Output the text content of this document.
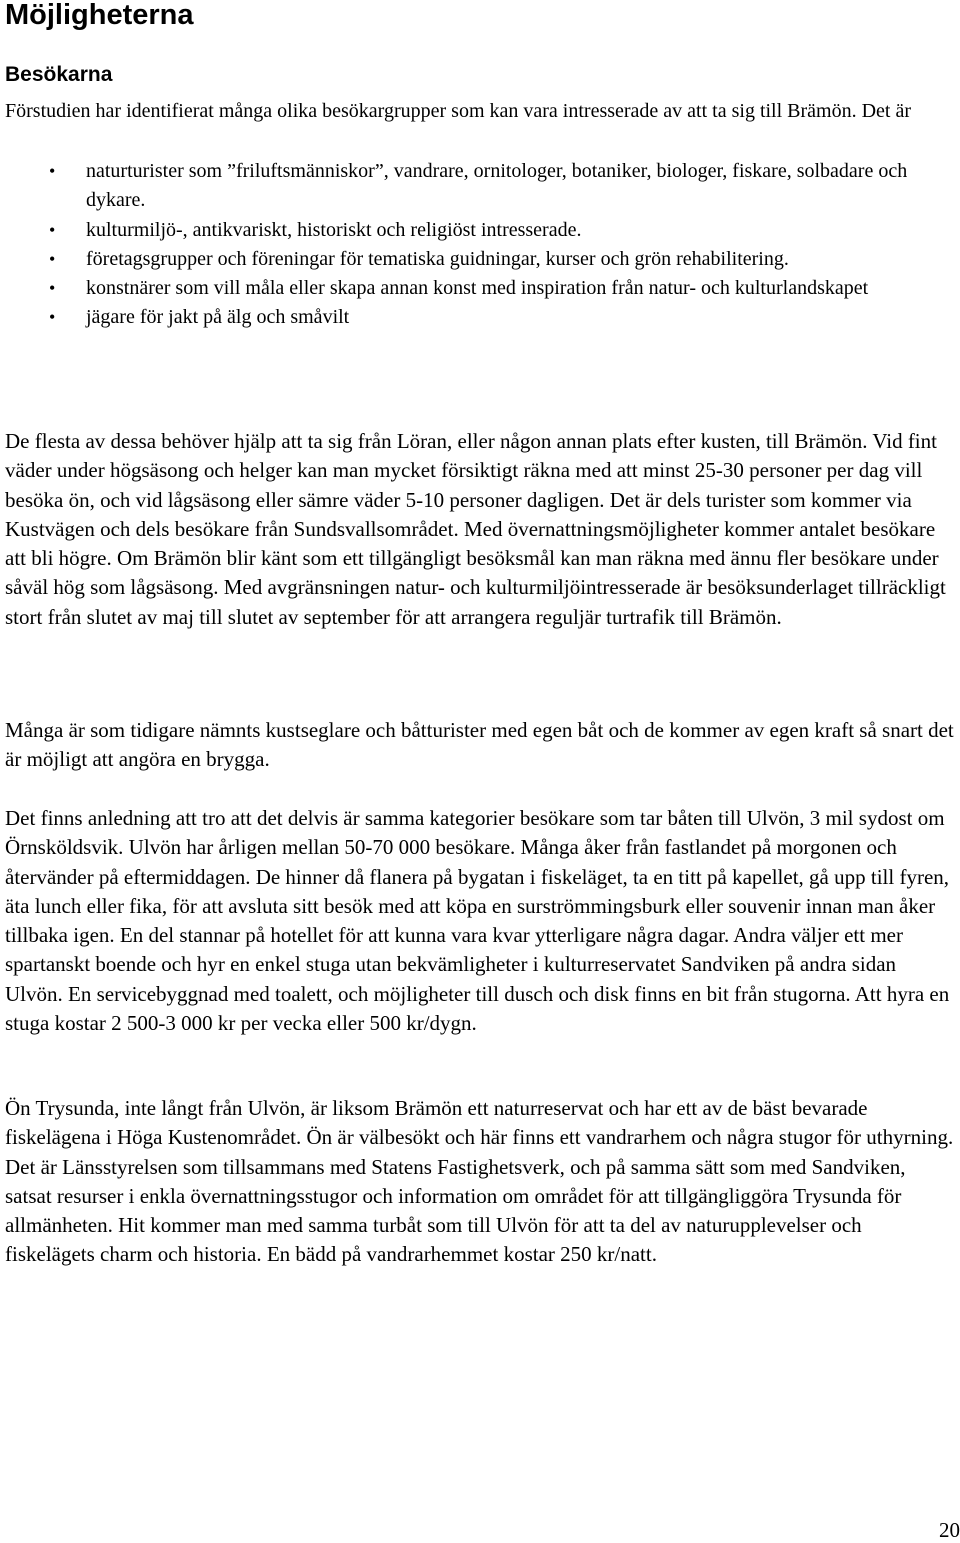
Möjligheterna
Besökarna

Förstudien har identifierat många olika besökargrupper som kan vara intresserade av att ta sig till Brämön. Det är

• naturturister som ”friluftsmänniskor”, vandrare, ornitologer, botaniker, biologer, fiskare, solbadare och dykare.
• kulturmiljö-, antikvariskt, historiskt och religiöst intresserade.
• företagsgrupper och föreningar för tematiska guidningar, kurser och grön rehabilitering.
• konstnärer som vill måla eller skapa annan konst med inspiration från natur- och kulturlandskapet
• jägare för jakt på älg och småvilt

De flesta av dessa behöver hjälp att ta sig från Löran, eller någon annan plats efter kusten, till Brämön. Vid fint väder under högsäsong och helger kan man mycket försiktigt räkna med att minst 25-30 personer per dag vill besöka ön, och vid lågsäsong eller sämre väder 5-10 personer dagligen. Det är dels turister som kommer via Kustvägen och dels besökare från Sundsvallsområdet. Med övernattningsmöjligheter kommer antalet besökare att bli högre. Om Brämön blir känt som ett tillgängligt besöksmål kan man räkna med ännu fler besökare under såväl hög som lågsäsong. Med avgränsningen natur- och kulturmiljöintresserade är besöksunderlaget tillräckligt stort från slutet av maj till slutet av september för att arrangera reguljär turtrafik till Brämön.

Många är som tidigare nämnts kustseglare och båtturister med egen båt och de kommer av egen kraft så snart det är möjligt att angöra en brygga.

Det finns anledning att tro att det delvis är samma kategorier besökare som tar båten till Ulvön, 3 mil sydost om Örnsköldsvik. Ulvön har årligen mellan 50-70 000 besökare. Många åker från fastlandet på morgonen och återvänder på eftermiddagen. De hinner då flanera på bygatan i fiskeläget, ta en titt på kapellet, gå upp till fyren, äta lunch eller fika, för att avsluta sitt besök med att köpa en surströmmingsburk eller souvenir innan man åker tillbaka igen. En del stannar på hotellet för att kunna vara kvar ytterligare några dagar. Andra väljer ett mer spartanskt boende och hyr en enkel stuga utan bekvämligheter i kulturreservatet Sandviken på andra sidan Ulvön. En servicebyggnad med toalett, och möjligheter till dusch och disk finns en bit från stugorna. Att hyra en stuga kostar 2 500-3 000 kr per vecka eller 500 kr/dygn.

Ön Trysunda, inte långt från Ulvön, är liksom Brämön ett naturreservat och har ett av de bäst bevarade fiskelägena i Höga Kustenområdet. Ön är välbesökt och här finns ett vandrarhem och några stugor för uthyrning. Det är Länsstyrelsen som tillsammans med Statens Fastighetsverk, och på samma sätt som med Sandviken, satsat resurser i enkla övernattningsstugor och information om området för att tillgängliggöra Trysunda för allmänheten. Hit kommer man med samma turbåt som till Ulvön för att ta del av naturupplevelser och fiskelägets charm och historia. En bädd på vandrarhemmet kostar 250 kr/natt.

20
